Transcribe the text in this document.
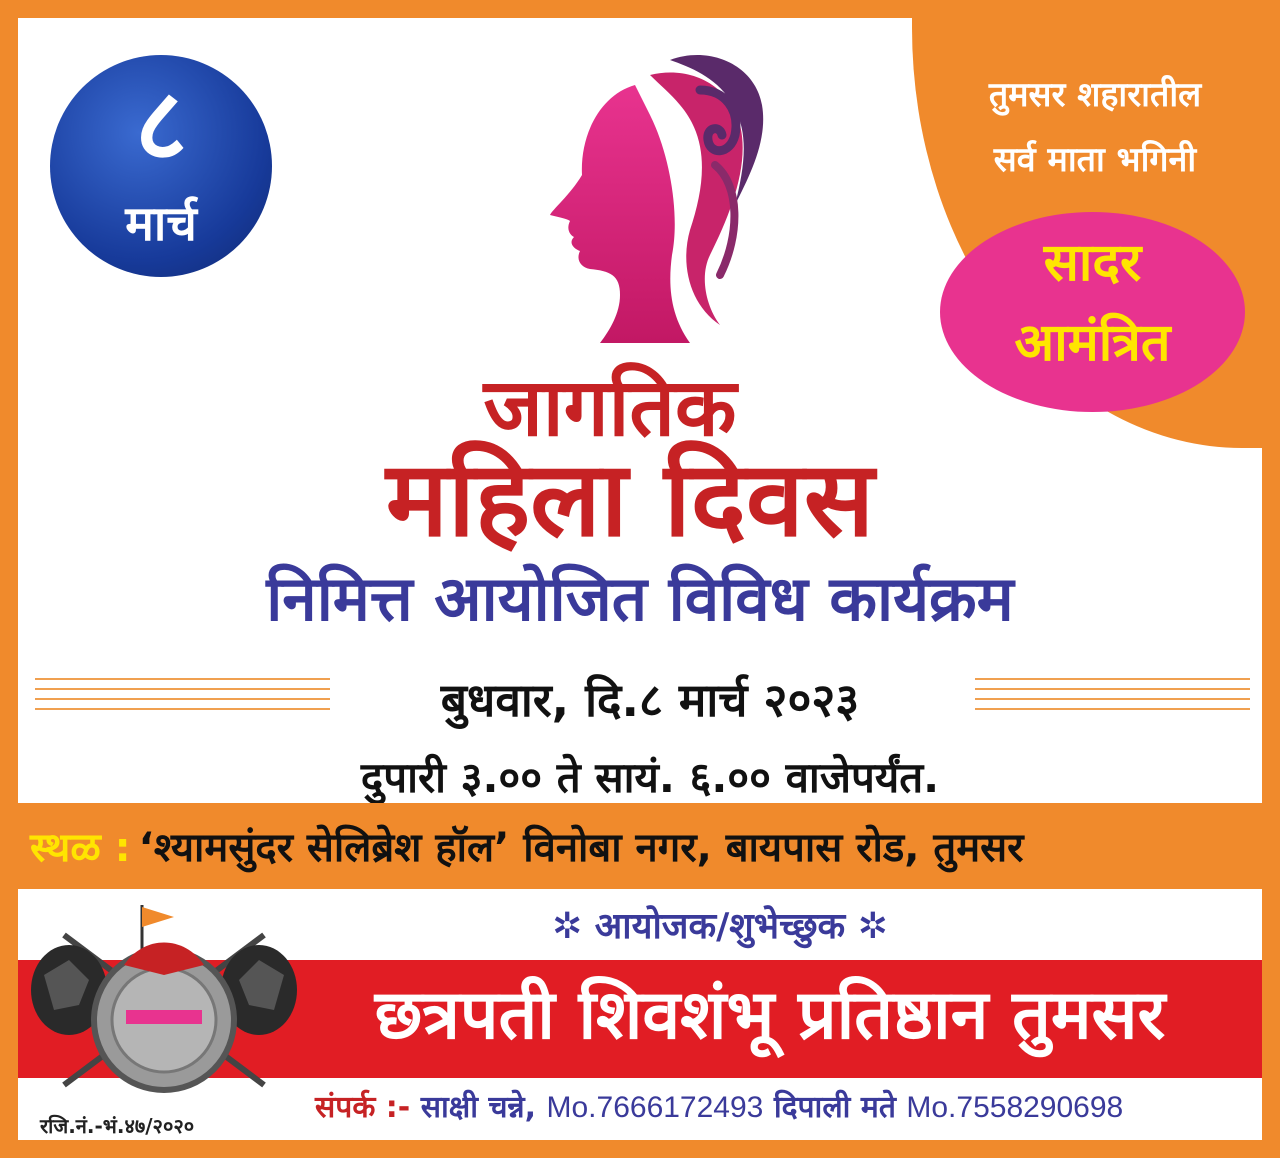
तुमसर शहारातील
सर्व माता भगिनी
सादर
आमंत्रित
८
मार्च
जागतिक
महिला दिवस
निमित्त आयोजित विविध कार्यक्रम
बुधवार, दि.८ मार्च २०२३
दुपारी ३.०० ते सायं. ६.०० वाजेपर्यंत.
स्थळ : ‘श्यामसुंदर सेलिब्रेश हॉल’ विनोबा नगर, बायपास रोड, तुमसर
✲ आयोजक/शुभेच्छुक ✲
छत्रपती शिवशंभू प्रतिष्ठान तुमसर
रजि.नं.-भं.४७/२०२०
संपर्क :- साक्षी चन्ने, Mo.7666172493 दिपाली मते Mo.7558290698
